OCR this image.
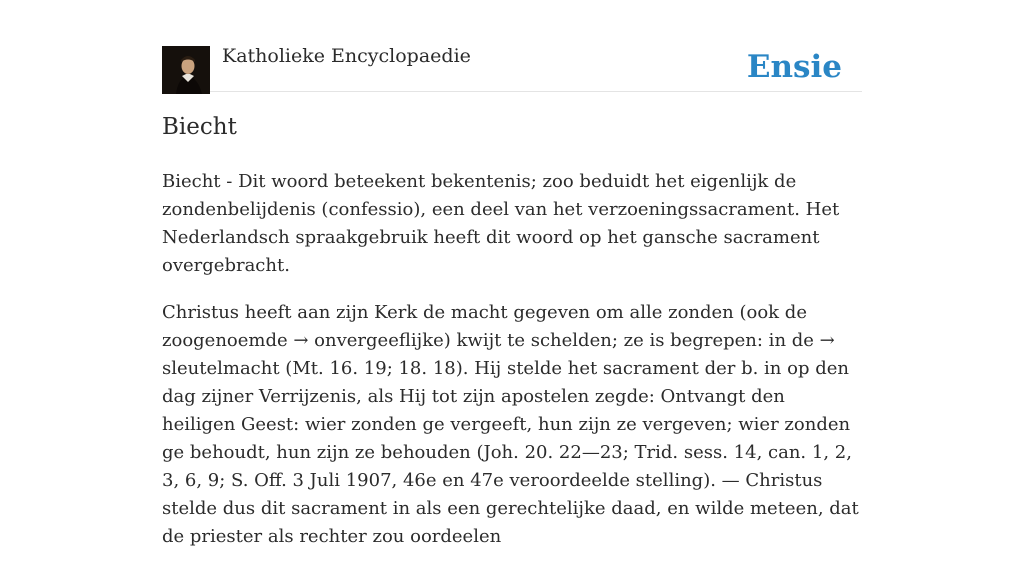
Katholieke Encyclopaedie	Ensie
Biecht

Biecht - Dit woord beteekent bekentenis; zoo beduidt het eigenlijk de zondenbelijdenis (confessio), een deel van het verzoeningssacrament. Het Nederlandsch spraakgebruik heeft dit woord op het gansche sacrament overgebracht.

Christus heeft aan zijn Kerk de macht gegeven om alle zonden (ook de zoogenoemde → onvergeeflijke) kwijt te schelden; ze is begrepen: in de → sleutelmacht (Mt. 16. 19; 18. 18). Hij stelde het sacrament der b. in op den dag zijner Verrijzenis, als Hij tot zijn apostelen zegde: Ontvangt den heiligen Geest: wier zonden ge vergeeft, hun zijn ze vergeven; wier zonden ge behoudt, hun zijn ze behouden (Joh. 20. 22—23; Trid. sess. 14, can. 1, 2, 3, 6, 9; S. Off. 3 Juli 1907, 46e en 47e veroordeelde stelling). — Christus stelde dus dit sacrament in als een gerechtelijke daad, en wilde meteen, dat de priester als rechter zou oordeelen
